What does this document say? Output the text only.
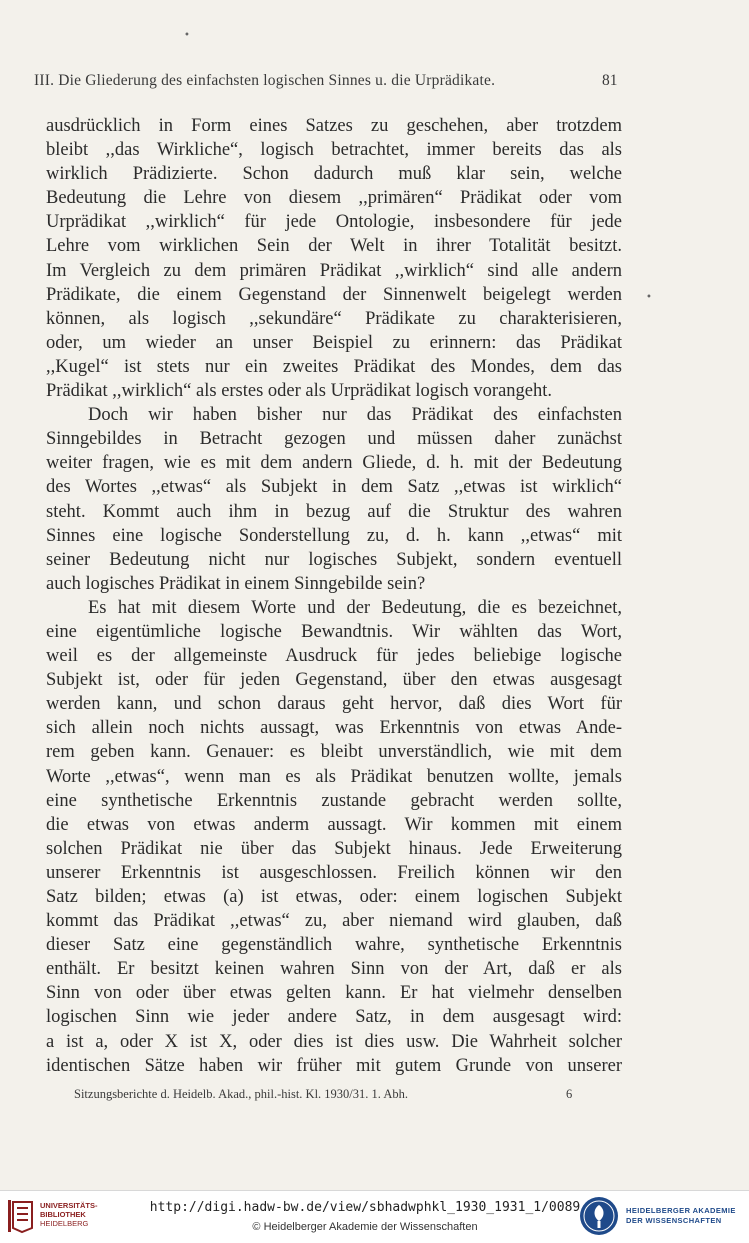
•
•
III. Die Gliederung des einfachsten logischen Sinnes u. die Urprädikate.	81
ausdrücklich in Form eines Satzes zu geschehen, aber trotzdem
bleibt ,,das Wirkliche“, logisch betrachtet, immer bereits das als
wirklich Prädizierte. Schon dadurch muß klar sein, welche
Bedeutung die Lehre von diesem ,,primären“ Prädikat oder vom
Urprädikat ,,wirklich“ für jede Ontologie, insbesondere für jede
Lehre vom wirklichen Sein der Welt in ihrer Totalität besitzt.
Im Vergleich zu dem primären Prädikat ,,wirklich“ sind alle andern
Prädikate, die einem Gegenstand der Sinnenwelt beigelegt werden
können, als logisch ,,sekundäre“ Prädikate zu charakterisieren,
oder, um wieder an unser Beispiel zu erinnern: das Prädikat
,,Kugel“ ist stets nur ein zweites Prädikat des Mondes, dem das
Prädikat ,,wirklich“ als erstes oder als Urprädikat logisch vorangeht.
Doch wir haben bisher nur das Prädikat des einfachsten
Sinngebildes in Betracht gezogen und müssen daher zunächst
weiter fragen, wie es mit dem andern Gliede, d. h. mit der Bedeutung
des Wortes ,,etwas“ als Subjekt in dem Satz ,,etwas ist wirklich“
steht. Kommt auch ihm in bezug auf die Struktur des wahren
Sinnes eine logische Sonderstellung zu, d. h. kann ,,etwas“ mit
seiner Bedeutung nicht nur logisches Subjekt, sondern eventuell
auch logisches Prädikat in einem Sinngebilde sein?
Es hat mit diesem Worte und der Bedeutung, die es bezeichnet,
eine eigentümliche logische Bewandtnis. Wir wählten das Wort,
weil es der allgemeinste Ausdruck für jedes beliebige logische
Subjekt ist, oder für jeden Gegenstand, über den etwas ausgesagt
werden kann, und schon daraus geht hervor, daß dies Wort für
sich allein noch nichts aussagt, was Erkenntnis von etwas Ande-
rem geben kann. Genauer: es bleibt unverständlich, wie mit dem
Worte ,,etwas“, wenn man es als Prädikat benutzen wollte, jemals
eine synthetische Erkenntnis zustande gebracht werden sollte,
die etwas von etwas anderm aussagt. Wir kommen mit einem
solchen Prädikat nie über das Subjekt hinaus. Jede Erweiterung
unserer Erkenntnis ist ausgeschlossen. Freilich können wir den
Satz bilden; etwas (a) ist etwas, oder: einem logischen Subjekt
kommt das Prädikat ,,etwas“ zu, aber niemand wird glauben, daß
dieser Satz eine gegenständlich wahre, synthetische Erkenntnis
enthält. Er besitzt keinen wahren Sinn von der Art, daß er als
Sinn von oder über etwas gelten kann. Er hat vielmehr denselben
logischen Sinn wie jeder andere Satz, in dem ausgesagt wird:
a ist a, oder X ist X, oder dies ist dies usw. Die Wahrheit solcher
identischen Sätze haben wir früher mit gutem Grunde von unserer
Sitzungsberichte d. Heidelb. Akad., phil.-hist. Kl. 1930/31. 1. Abh.	6
UNIVERSITÄTS-
BIBLIOTHEK
HEIDELBERG
http://digi.hadw-bw.de/view/sbhadwphkl_1930_1931_1/0089
© Heidelberger Akademie der Wissenschaften
HEIDELBERGER AKADEMIE
DER WISSENSCHAFTEN
